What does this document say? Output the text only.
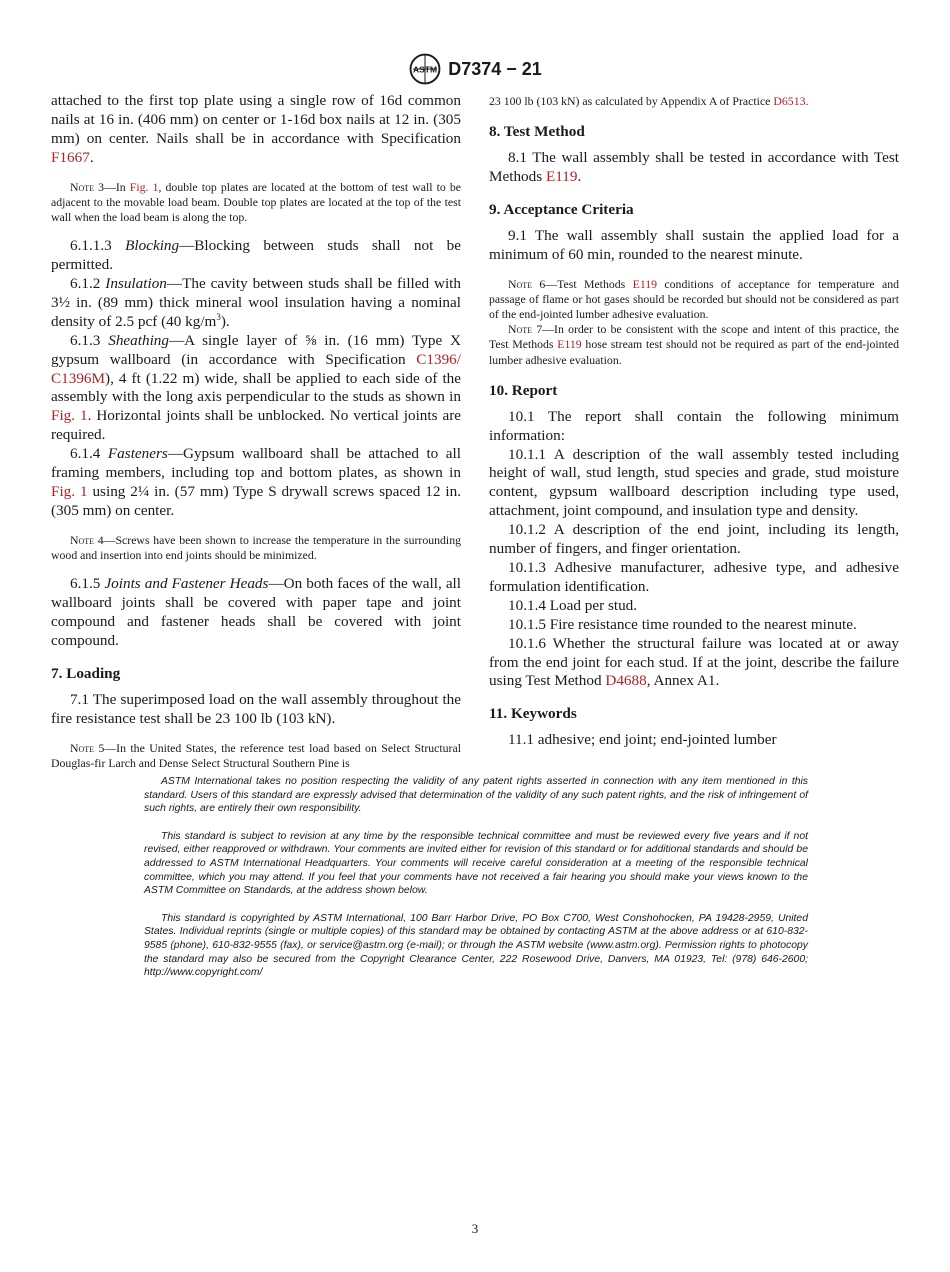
ASTM D7374 − 21

attached to the first top plate using a single row of 16d common nails at 16 in. (406 mm) on center or 1-16d box nails at 12 in. (305 mm) on center. Nails shall be in accordance with Specification F1667.

Note 3—In Fig. 1, double top plates are located at the bottom of test wall to be adjacent to the movable load beam. Double top plates are located at the top of the test wall when the load beam is along the top.

6.1.1.3 Blocking—Blocking between studs shall not be permitted.

6.1.2 Insulation—The cavity between studs shall be filled with 3½ in. (89 mm) thick mineral wool insulation having a nominal density of 2.5 pcf (40 $kg/m^3$).

6.1.3 Sheathing—A single layer of ⅝ in. (16 mm) Type X gypsum wallboard (in accordance with Specification C1396/ C1396M), 4 ft (1.22 m) wide, shall be applied to each side of the assembly with the long axis perpendicular to the studs as shown in Fig. 1. Horizontal joints shall be unblocked. No vertical joints are required.

6.1.4 Fasteners—Gypsum wallboard shall be attached to all framing members, including top and bottom plates, as shown in Fig. 1 using 2¼ in. (57 mm) Type S drywall screws spaced 12 in. (305 mm) on center.

Note 4—Screws have been shown to increase the temperature in the surrounding wood and insertion into end joints should be minimized.

6.1.5 Joints and Fastener Heads—On both faces of the wall, all wallboard joints shall be covered with paper tape and joint compound and fastener heads shall be covered with joint compound.

7. Loading

7.1 The superimposed load on the wall assembly throughout the fire resistance test shall be 23 100 lb (103 kN).

Note 5—In the United States, the reference test load based on Select Structural Douglas-fir Larch and Dense Select Structural Southern Pine is

23 100 lb (103 kN) as calculated by Appendix A of Practice D6513.

8. Test Method

8.1 The wall assembly shall be tested in accordance with Test Methods E119.

9. Acceptance Criteria

9.1 The wall assembly shall sustain the applied load for a minimum of 60 min, rounded to the nearest minute.

Note 6—Test Methods E119 conditions of acceptance for temperature and passage of flame or hot gases should be recorded but should not be considered as part of the end-jointed lumber adhesive evaluation.

Note 7—In order to be consistent with the scope and intent of this practice, the Test Methods E119 hose stream test should not be required as part of the end-jointed lumber adhesive evaluation.

10. Report

10.1 The report shall contain the following minimum information:

10.1.1 A description of the wall assembly tested including height of wall, stud length, stud species and grade, stud moisture content, gypsum wallboard description including type used, attachment, joint compound, and insulation type and density.

10.1.2 A description of the end joint, including its length, number of fingers, and finger orientation.

10.1.3 Adhesive manufacturer, adhesive type, and adhesive formulation identification.

10.1.4 Load per stud.

10.1.5 Fire resistance time rounded to the nearest minute.

10.1.6 Whether the structural failure was located at or away from the end joint for each stud. If at the joint, describe the failure using Test Method D4688, Annex A1.

11. Keywords

11.1 adhesive; end joint; end-jointed lumber

ASTM International takes no position respecting the validity of any patent rights asserted in connection with any item mentioned in this standard. Users of this standard are expressly advised that determination of the validity of any such patent rights, and the risk of infringement of such rights, are entirely their own responsibility.

This standard is subject to revision at any time by the responsible technical committee and must be reviewed every five years and if not revised, either reapproved or withdrawn. Your comments are invited either for revision of this standard or for additional standards and should be addressed to ASTM International Headquarters. Your comments will receive careful consideration at a meeting of the responsible technical committee, which you may attend. If you feel that your comments have not received a fair hearing you should make your views known to the ASTM Committee on Standards, at the address shown below.

This standard is copyrighted by ASTM International, 100 Barr Harbor Drive, PO Box C700, West Conshohocken, PA 19428-2959, United States. Individual reprints (single or multiple copies) of this standard may be obtained by contacting ASTM at the above address or at 610-832-9585 (phone), 610-832-9555 (fax), or service@astm.org (e-mail); or through the ASTM website (www.astm.org). Permission rights to photocopy the standard may also be secured from the Copyright Clearance Center, 222 Rosewood Drive, Danvers, MA 01923, Tel: (978) 646-2600; http://www.copyright.com/

3
